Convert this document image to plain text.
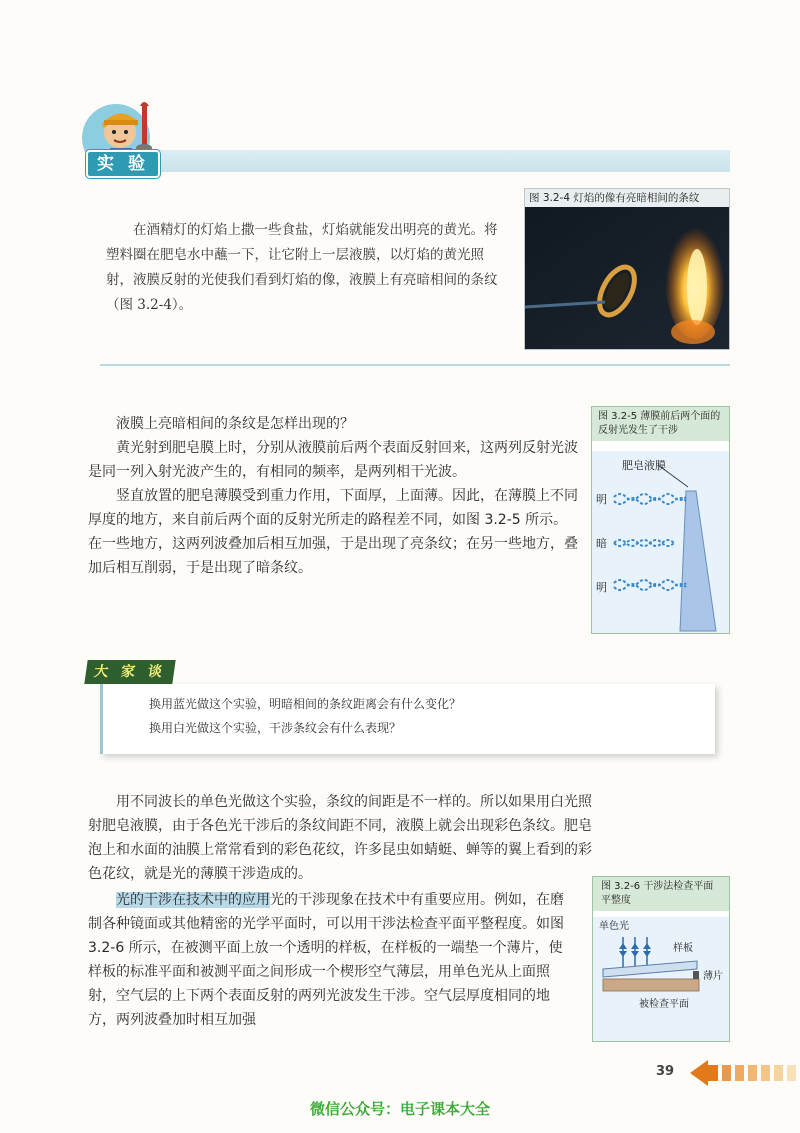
实 验

在酒精灯的灯焰上撒一些食盐，灯焰就能发出明亮的黄光。将塑料圈在肥皂水中蘸一下，让它附上一层液膜，以灯焰的黄光照射，液膜反射的光使我们看到灯焰的像，液膜上有亮暗相间的条纹（图 3.2-4）。

图 3.2-4 灯焰的像有亮暗相间的条纹

液膜上亮暗相间的条纹是怎样出现的？

黄光射到肥皂膜上时，分别从液膜前后两个表面反射回来，这两列反射光波是同一列入射光波产生的，有相同的频率，是两列相干光波。

竖直放置的肥皂薄膜受到重力作用，下面厚，上面薄。因此，在薄膜上不同厚度的地方，来自前后两个面的反射光所走的路程差不同，如图 3.2-5 所示。在一些地方，这两列波叠加后相互加强，于是出现了亮条纹；在另一些地方，叠加后相互削弱，于是出现了暗条纹。

图 3.2-5 薄膜前后两个面的反射光发生了干涉
肥皂液膜
明
暗
明

换用蓝光做这个实验，明暗相间的条纹距离会有什么变化？

换用白光做这个实验，干涉条纹会有什么表现？

大 家 谈

用不同波长的单色光做这个实验，条纹的间距是不一样的。所以如果用白光照射肥皂液膜，由于各色光干涉后的条纹间距不同，液膜上就会出现彩色条纹。肥皂泡上和水面的油膜上常常看到的彩色花纹，许多昆虫如蜻蜓、蝉等的翼上看到的彩色花纹，就是光的薄膜干涉造成的。

光的干涉在技术中的应用光的干涉现象在技术中有重要应用。例如，在磨制各种镜面或其他精密的光学平面时，可以用干涉法检查平面平整程度。如图 3.2-6 所示，在被测平面上放一个透明的样板，在样板的一端垫一个薄片，使样板的标准平面和被测平面之间形成一个楔形空气薄层，用单色光从上面照射，空气层的上下两个表面反射的两列光波发生干涉。空气层厚度相同的地方，两列波叠加时相互加强

图 3.2-6 干涉法检查平面平整度
单色光
样板
薄片
被检查平面
39
微信公众号：电子课本大全
